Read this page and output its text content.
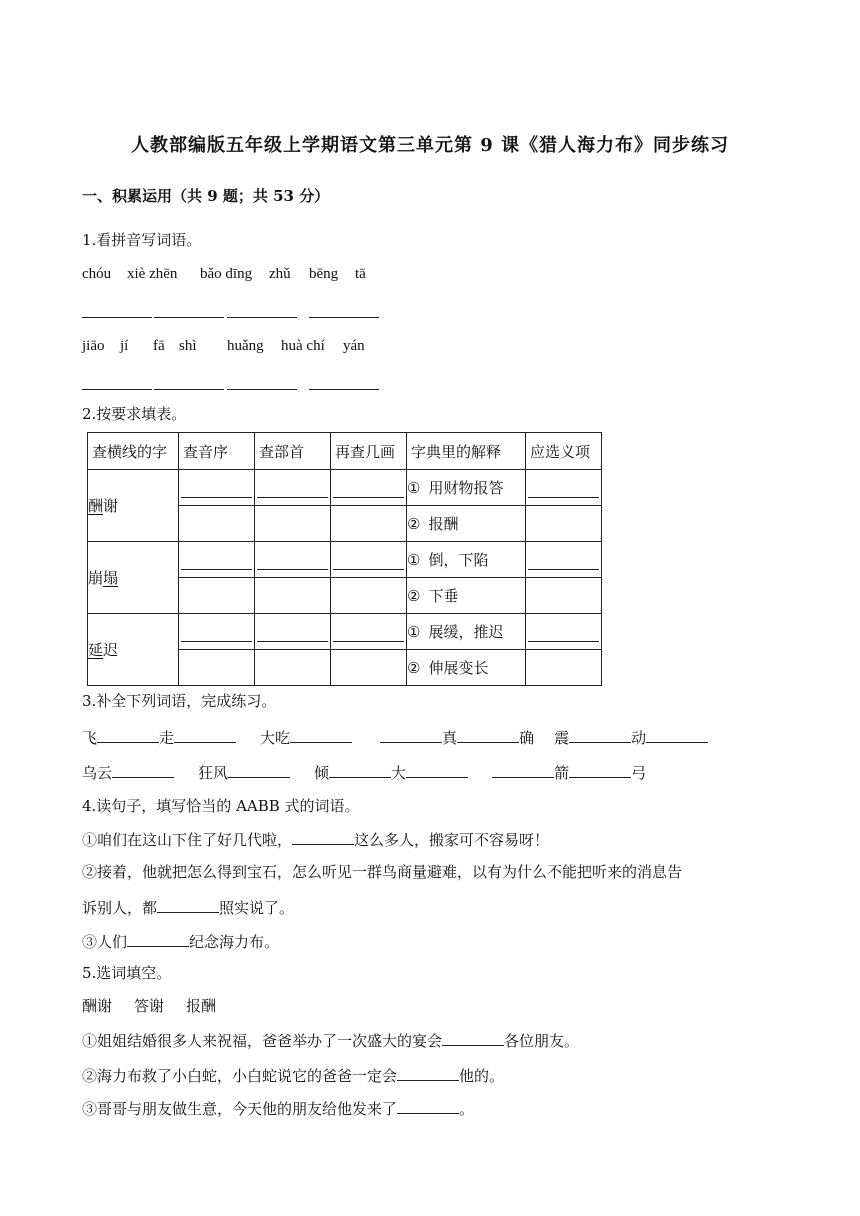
人教部编版五年级上学期语文第三单元第 9 课《猎人海力布》同步练习
一、积累运用（共 9 题；共 53 分）
1.看拼音写词语。
chóu xiè zhēn bǎo dīng zhǔ bēng tā
jiāo jí fā shì huǎng huà chí yán
2.按要求填表。
查横线的字	查音序	查部首	再查几画	字典里的解释	应选义项
酬谢				① 用财物报答	

				② 报酬	
崩塌				① 倒，下陷	

				② 下垂	
延迟				① 展缓，推迟	

				② 伸展变长	
3.补全下列词语，完成练习。
飞	走	大吃	真	确 震	动
乌云	狂风	倾	大	箭	弓
4.读句子，填写恰当的 AABB 式的词语。
①咱们在这山下住了好几代啦，	这么多人，搬家可不容易呀！
②接着，他就把怎么得到宝石，怎么听见一群鸟商量避难，以有为什么不能把听来的消息告
诉别人，都	照实说了。
③人们	纪念海力布。
5.选词填空。
酬谢 答谢 报酬
①姐姐结婚很多人来祝福，爸爸举办了一次盛大的宴会	各位朋友。
②海力布救了小白蛇，小白蛇说它的爸爸一定会	他的。
③哥哥与朋友做生意，今天他的朋友给他发来了	。
